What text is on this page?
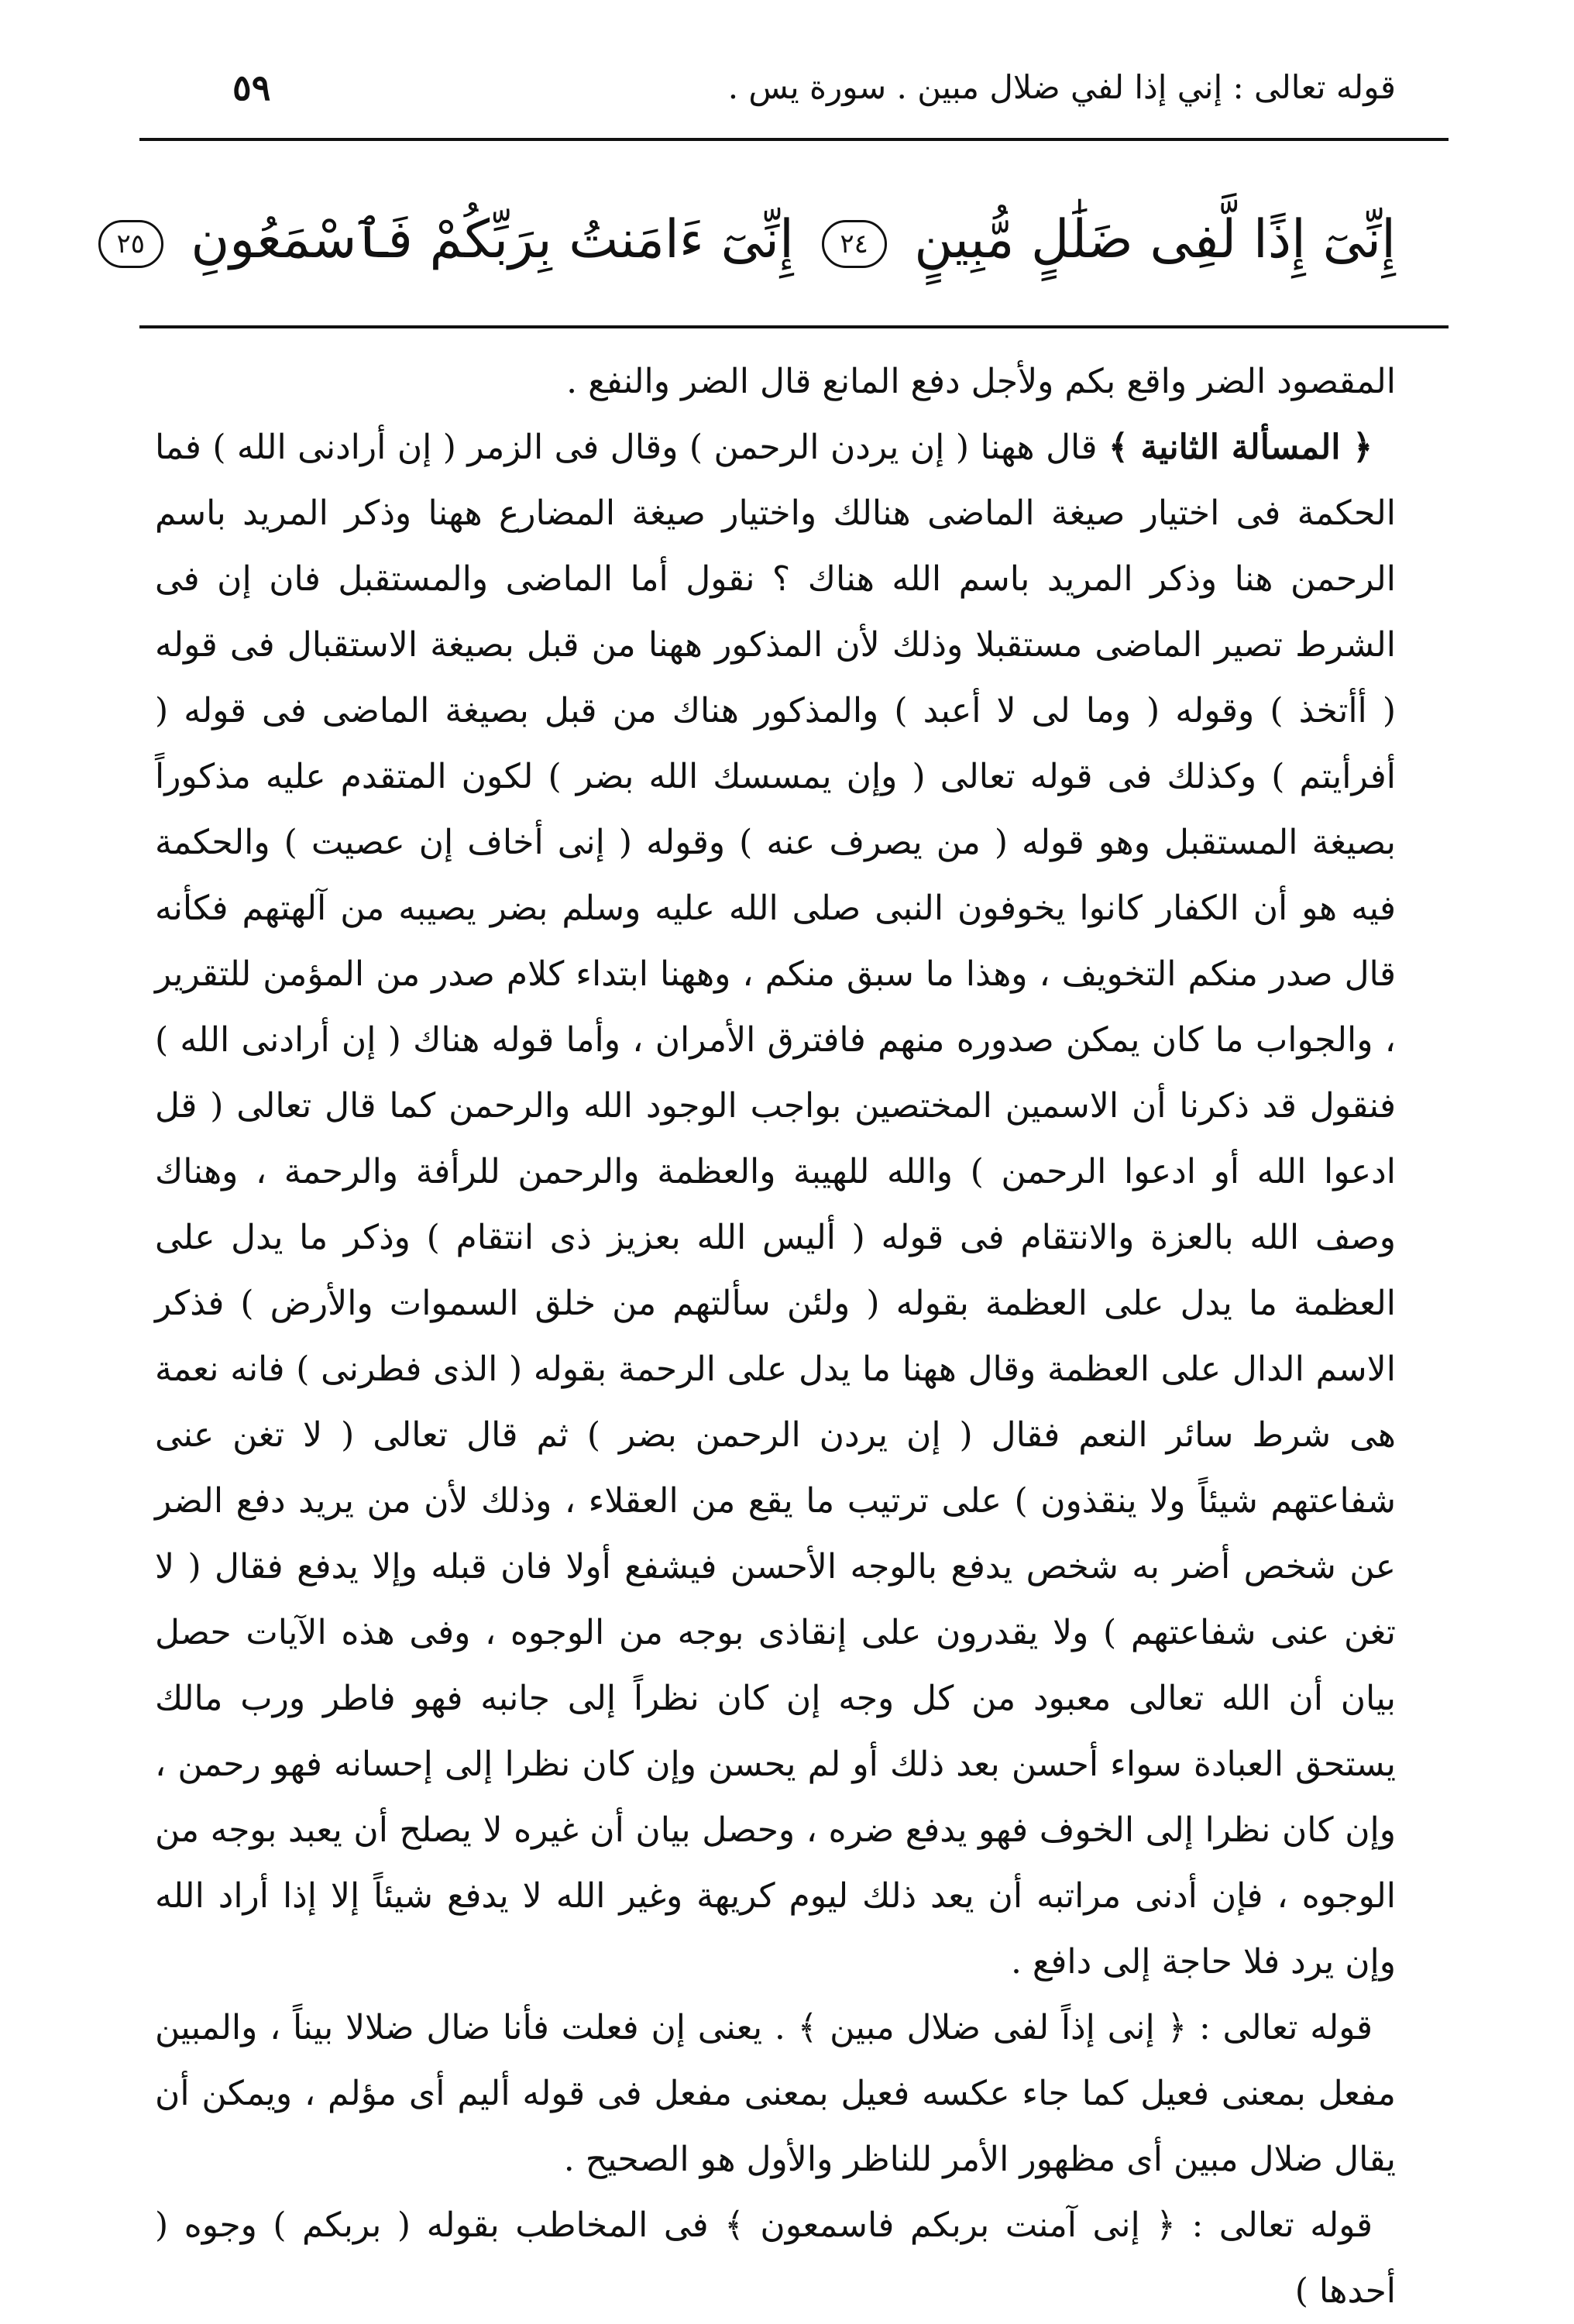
قوله تعالى : إني إذا لفي ضلال مبين . سورة يس .
٥٩
إِنِّىٓ إِذًا لَّفِى ضَلَٰلٍ مُّبِينٍ ٢٤ إِنِّىٓ ءَامَنتُ بِرَبِّكُمْ فَٱسْمَعُونِ ٢٥

المقصود الضر واقع بكم ولأجل دفع المانع قال الضر والنفع .

﴿ المسألة الثانية ﴾ قال ههنا ( إن يردن الرحمن ) وقال فى الزمر ( إن أرادنى الله ) فما الحكمة فى اختيار صيغة الماضى هنالك واختيار صيغة المضارع ههنا وذكر المريد باسم الرحمن هنا وذكر المريد باسم الله هناك ؟ نقول أما الماضى والمستقبل فان إن فى الشرط تصير الماضى مستقبلا وذلك لأن المذكور ههنا من قبل بصيغة الاستقبال فى قوله ( أأتخذ ) وقوله ( وما لى لا أعبد ) والمذكور هناك من قبل بصيغة الماضى فى قوله ( أفرأيتم ) وكذلك فى قوله تعالى ( وإن يمسسك الله بضر ) لكون المتقدم عليه مذكوراً بصيغة المستقبل وهو قوله ( من يصرف عنه ) وقوله ( إنى أخاف إن عصيت ) والحكمة فيه هو أن الكفار كانوا يخوفون النبى صلى الله عليه وسلم بضر يصيبه من آلهتهم فكأنه قال صدر منكم التخويف ، وهذا ما سبق منكم ، وههنا ابتداء كلام صدر من المؤمن للتقرير ، والجواب ما كان يمكن صدوره منهم فافترق الأمران ، وأما قوله هناك ( إن أرادنى الله ) فنقول قد ذكرنا أن الاسمين المختصين بواجب الوجود الله والرحمن كما قال تعالى ( قل ادعوا الله أو ادعوا الرحمن ) والله للهيبة والعظمة والرحمن للرأفة والرحمة ، وهناك وصف الله بالعزة والانتقام فى قوله ( أليس الله بعزيز ذى انتقام ) وذكر ما يدل على العظمة ما يدل على العظمة بقوله ( ولئن سألتهم من خلق السموات والأرض ) فذكر الاسم الدال على العظمة وقال ههنا ما يدل على الرحمة بقوله ( الذى فطرنى ) فانه نعمة هى شرط سائر النعم فقال ( إن يردن الرحمن بضر ) ثم قال تعالى ( لا تغن عنى شفاعتهم شيئاً ولا ينقذون ) على ترتيب ما يقع من العقلاء ، وذلك لأن من يريد دفع الضر عن شخص أضر به شخص يدفع بالوجه الأحسن فيشفع أولا فان قبله وإلا يدفع فقال ( لا تغن عنى شفاعتهم ) ولا يقدرون على إنقاذى بوجه من الوجوه ، وفى هذه الآيات حصل بيان أن الله تعالى معبود من كل وجه إن كان نظراً إلى جانبه فهو فاطر ورب مالك يستحق العبادة سواء أحسن بعد ذلك أو لم يحسن وإن كان نظرا إلى إحسانه فهو رحمن ، وإن كان نظرا إلى الخوف فهو يدفع ضره ، وحصل بيان أن غيره لا يصلح أن يعبد بوجه من الوجوه ، فإن أدنى مراتبه أن يعد ذلك ليوم كريهة وغير الله لا يدفع شيئاً إلا إذا أراد الله وإن يرد فلا حاجة إلى دافع .

قوله تعالى : ﴿ إنى إذاً لفى ضلال مبين ﴾ . يعنى إن فعلت فأنا ضال ضلالا بيناً ، والمبين مفعل بمعنى فعيل كما جاء عكسه فعيل بمعنى مفعل فى قوله أليم أى مؤلم ، ويمكن أن يقال ضلال مبين أى مظهور الأمر للناظر والأول هو الصحيح .

قوله تعالى : ﴿ إنى آمنت بربكم فاسمعون ﴾ فى المخاطب بقوله ( بربكم ) وجوه ( أحدها )
